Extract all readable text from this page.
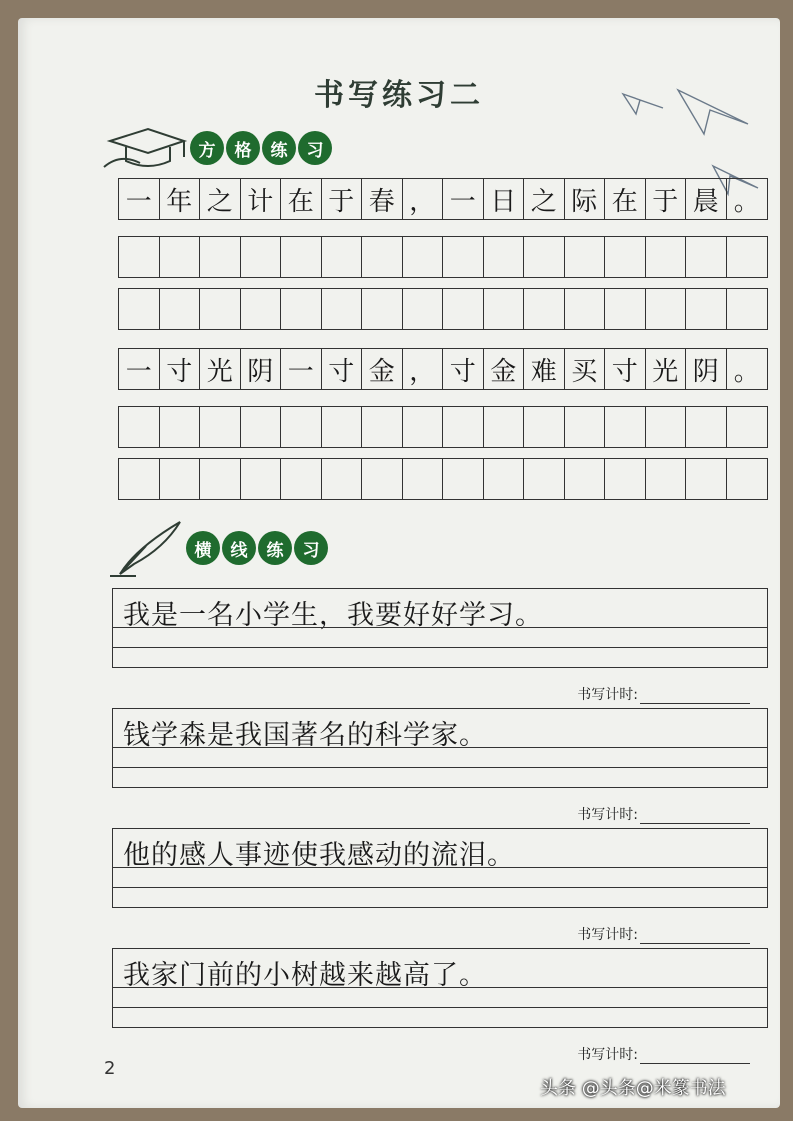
书写练习二
方	格	练	习
一 年 之 计 在 于 春 ， 一 日 之 际 在 于 晨 。
一 寸 光 阴 一 寸 金 ， 寸 金 难 买 寸 光 阴 。
横	线	练	习
我是一名小学生，我要好好学习。
书写计时:
钱学森是我国著名的科学家。
书写计时:
他的感人事迹使我感动的流泪。
书写计时:
我家门前的小树越来越高了。
书写计时:
2
头条 @头条@米篆书法
